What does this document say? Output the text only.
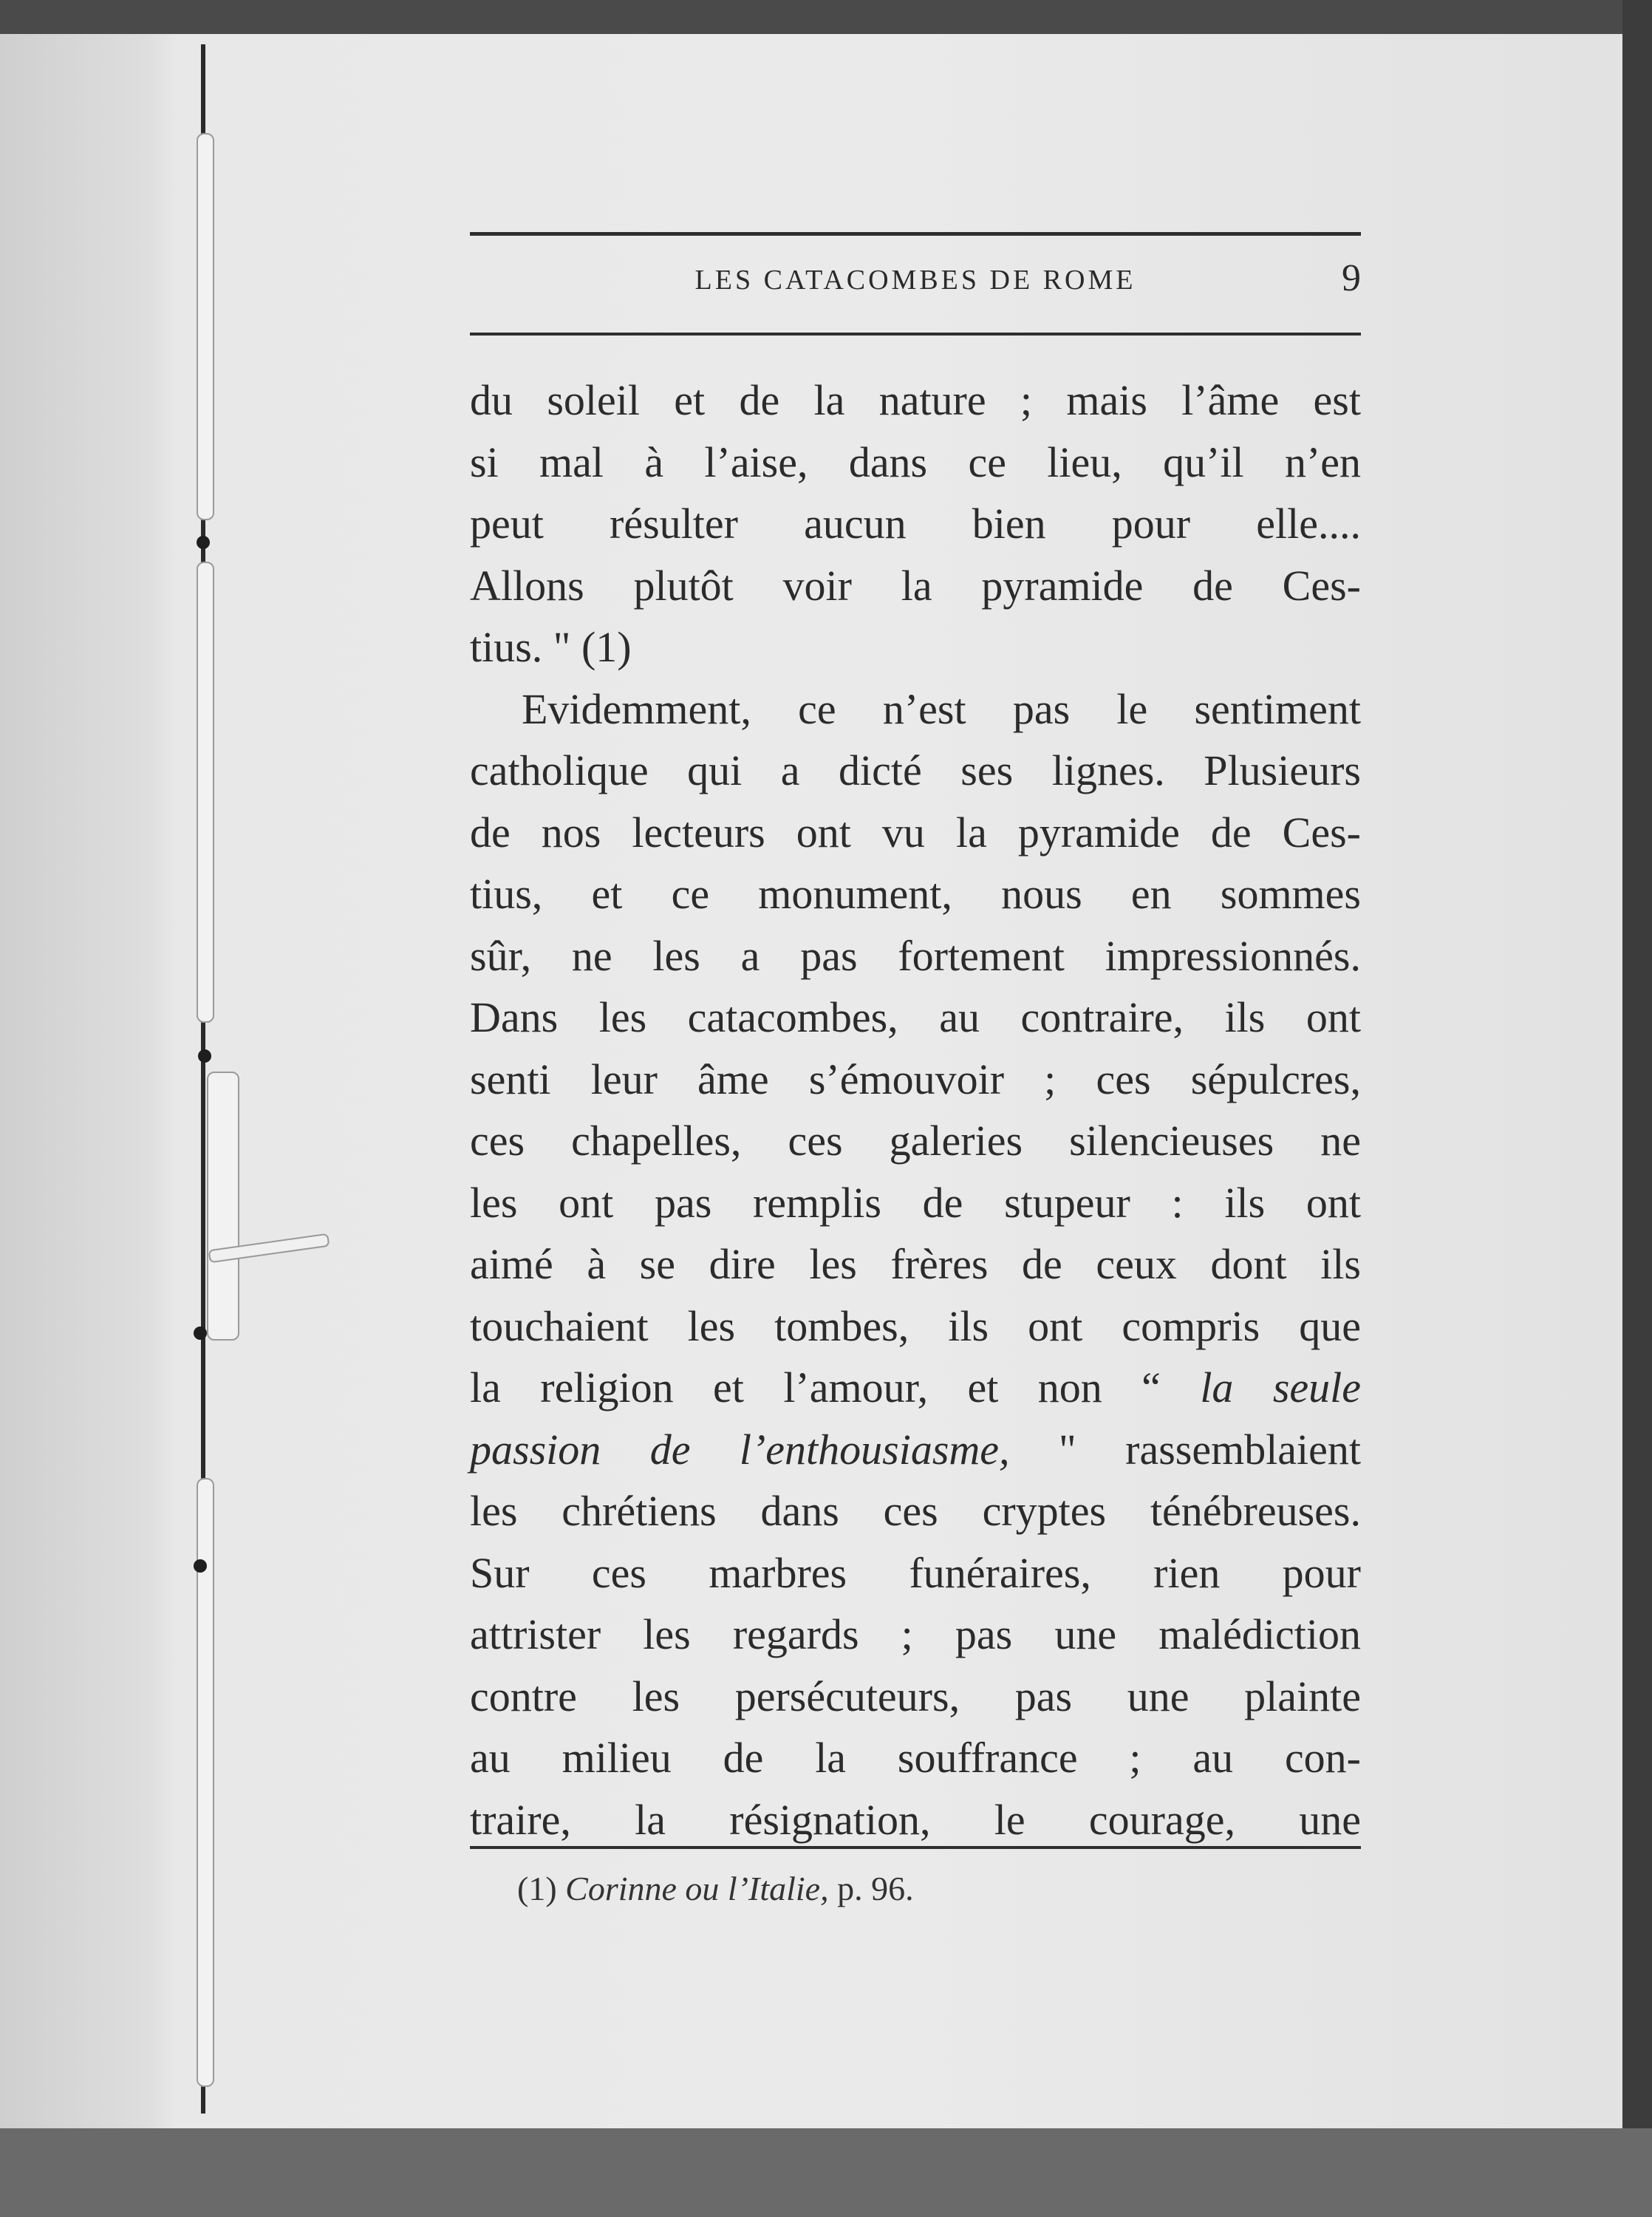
LES CATACOMBES DE ROME	9
du soleil et de la nature ; mais l’âme est
si mal à l’aise, dans ce lieu, qu’il n’en
peut résulter aucun bien pour elle....
Allons plutôt voir la pyramide de Ces-
tius. " (1)
Evidemment, ce n’est pas le sentiment
catholique qui a dicté ses lignes. Plusieurs
de nos lecteurs ont vu la pyramide de Ces-
tius, et ce monument, nous en sommes
sûr, ne les a pas fortement impressionnés.
Dans les catacombes, au contraire, ils ont
senti leur âme s’émouvoir ; ces sépulcres,
ces chapelles, ces galeries silencieuses ne
les ont pas remplis de stupeur : ils ont
aimé à se dire les frères de ceux dont ils
touchaient les tombes, ils ont compris que
la religion et l’amour, et non “ la seule
passion de l’enthousiasme, " rassemblaient
les chrétiens dans ces cryptes ténébreuses.
Sur ces marbres funéraires, rien pour
attrister les regards ; pas une malédiction
contre les persécuteurs, pas une plainte
au milieu de la souffrance ; au con-
traire, la résignation, le courage, une
(1) Corinne ou l’Italie, p. 96.
